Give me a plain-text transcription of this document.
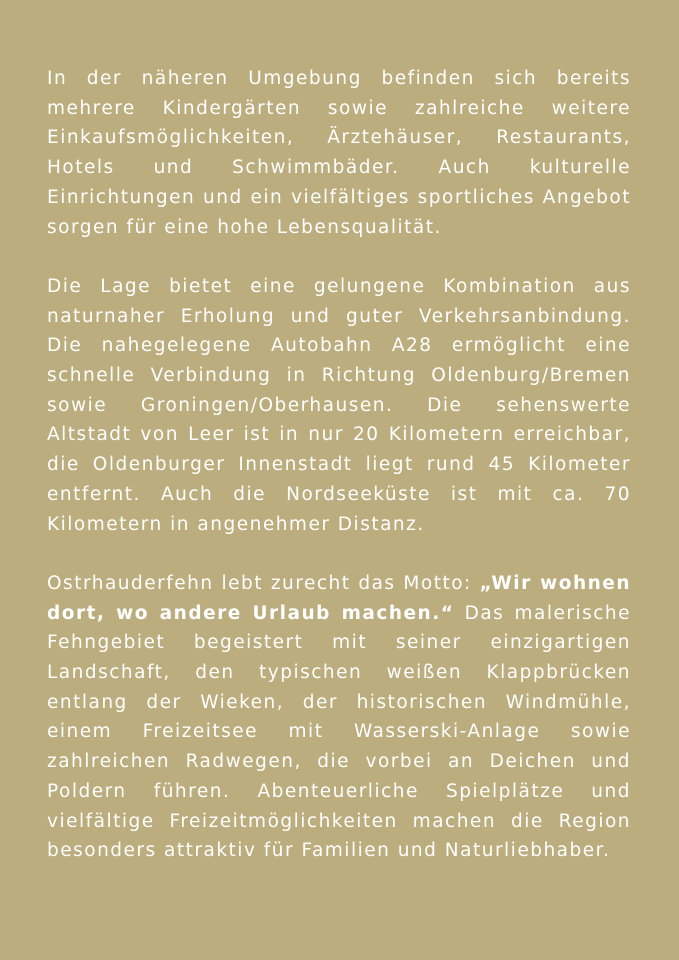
In der näheren Umgebung befinden sich bereits mehrere Kindergärten sowie zahlreiche weitere Einkaufsmöglichkeiten, Ärztehäuser, Restaurants, Hotels und Schwimmbäder. Auch kulturelle Einrichtungen und ein vielfältiges sportliches Angebot sorgen für eine hohe Lebensqualität.

Die Lage bietet eine gelungene Kombination aus naturnaher Erholung und guter Verkehrsanbindung. Die nahegelegene Autobahn A28 ermöglicht eine schnelle Verbindung in Richtung Oldenburg/Bremen sowie Groningen/Oberhausen. Die sehenswerte Altstadt von Leer ist in nur 20 Kilometern erreichbar, die Oldenburger Innenstadt liegt rund 45 Kilometer entfernt. Auch die Nordseeküste ist mit ca. 70 Kilometern in angenehmer Distanz.

Ostrhauderfehn lebt zurecht das Motto: „Wir wohnen dort, wo andere Urlaub machen.“ Das malerische Fehngebiet begeistert mit seiner einzigartigen Landschaft, den typischen weißen Klappbrücken entlang der Wieken, der historischen Windmühle, einem Freizeitsee mit Wasserski-Anlage sowie zahlreichen Radwegen, die vorbei an Deichen und Poldern führen. Abenteuerliche Spielplätze und vielfältige Freizeitmöglichkeiten machen die Region besonders attraktiv für Familien und Naturliebhaber.
